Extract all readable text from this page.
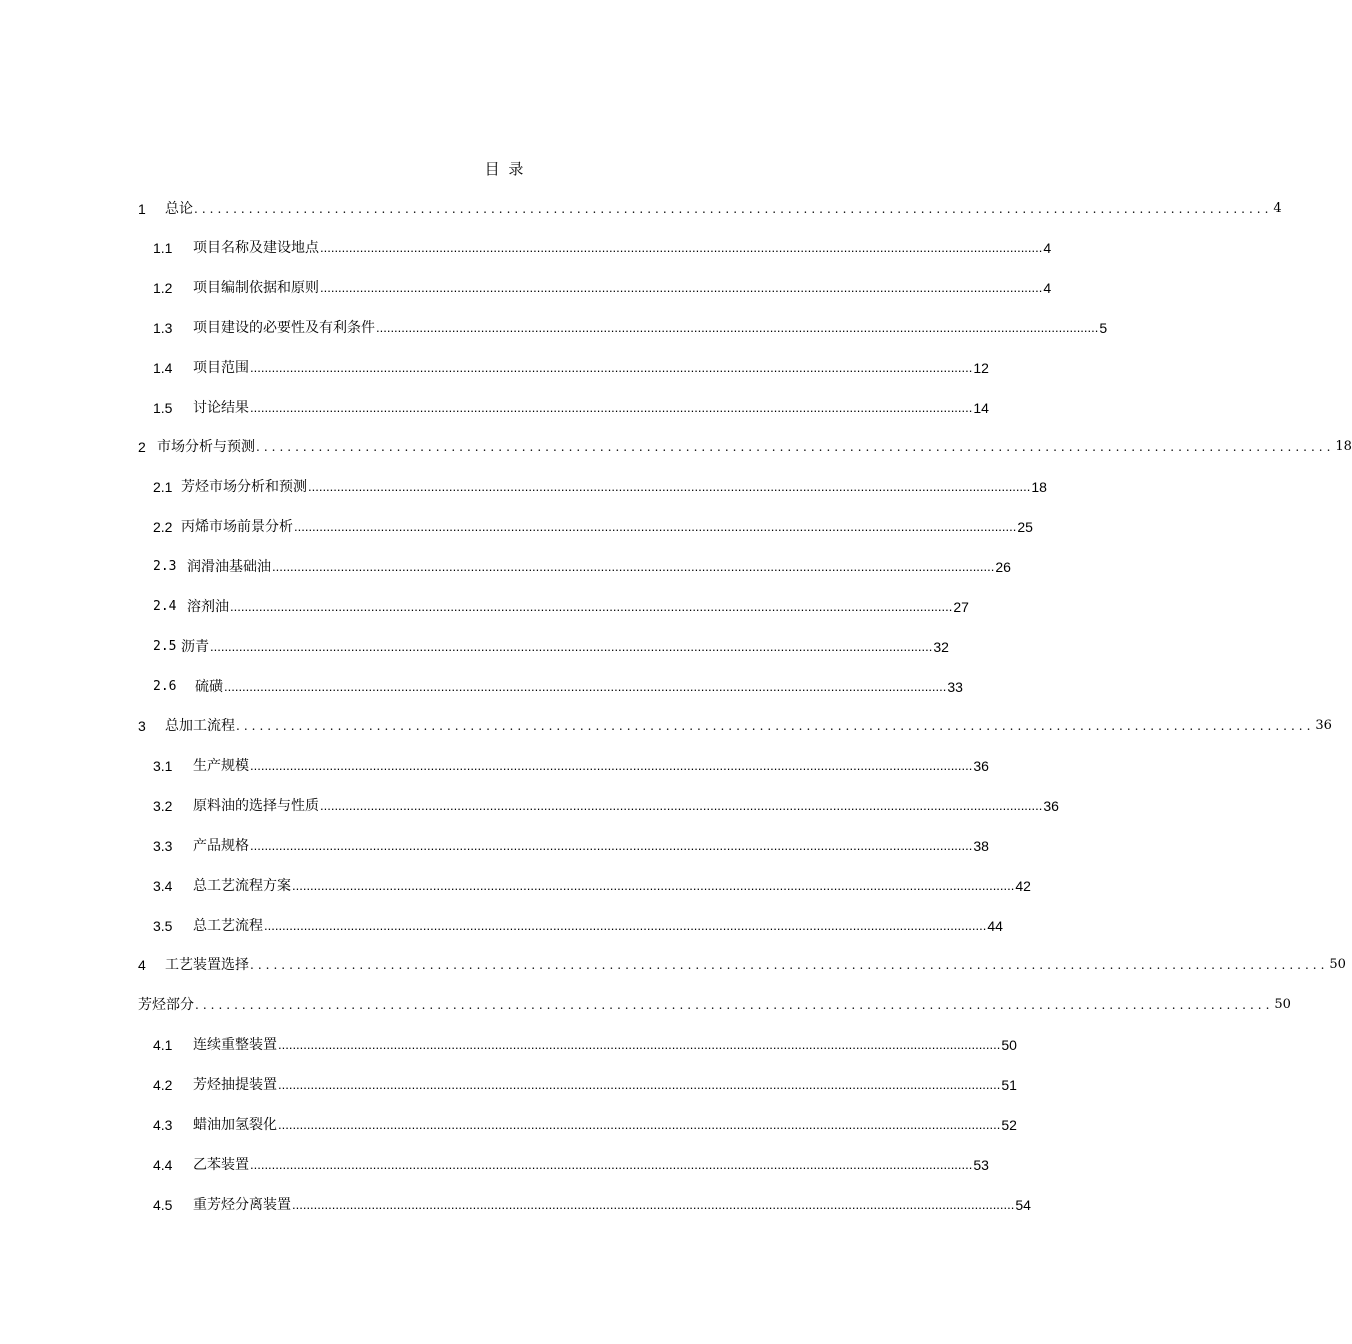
目 录
1	总论 .......................................................................................................................................... 4
1.1	项目名称及建设地点 ........................................................................................................................................................................................................ 4
1.2	项目编制依据和原则 ........................................................................................................................................................................................................ 4
1.3	项目建设的必要性及有利条件 ........................................................................................................................................................................................................ 5
1.4	项目范围 ........................................................................................................................................................................................................ 12
1.5	讨论结果 ........................................................................................................................................................................................................ 14
2 市场分析与预测 .......................................................................................................................................... 18
2.1 芳烃市场分析和预测 ........................................................................................................................................................................................................ 18
2.2 丙烯市场前景分析 ........................................................................................................................................................................................................ 25
2.3 润滑油基础油 ........................................................................................................................................................................................................ 26
2.4 溶剂油 ........................................................................................................................................................................................................ 27
2.5 沥青 ........................................................................................................................................................................................................ 32
2.6	硫磺 ........................................................................................................................................................................................................ 33
3	总加工流程 .......................................................................................................................................... 36
3.1	生产规模 ........................................................................................................................................................................................................ 36
3.2	原料油的选择与性质 ........................................................................................................................................................................................................ 36
3.3	产品规格 ........................................................................................................................................................................................................ 38
3.4	总工艺流程方案 ........................................................................................................................................................................................................ 42
3.5	总工艺流程 ........................................................................................................................................................................................................ 44
4	工艺装置选择 .......................................................................................................................................... 50
芳烃部分 .......................................................................................................................................... 50
4.1	连续重整装置 ........................................................................................................................................................................................................ 50
4.2	芳烃抽提装置 ........................................................................................................................................................................................................ 51
4.3	蜡油加氢裂化 ........................................................................................................................................................................................................ 52
4.4	乙苯装置 ........................................................................................................................................................................................................ 53
4.5	重芳烃分离装置 ........................................................................................................................................................................................................ 54
